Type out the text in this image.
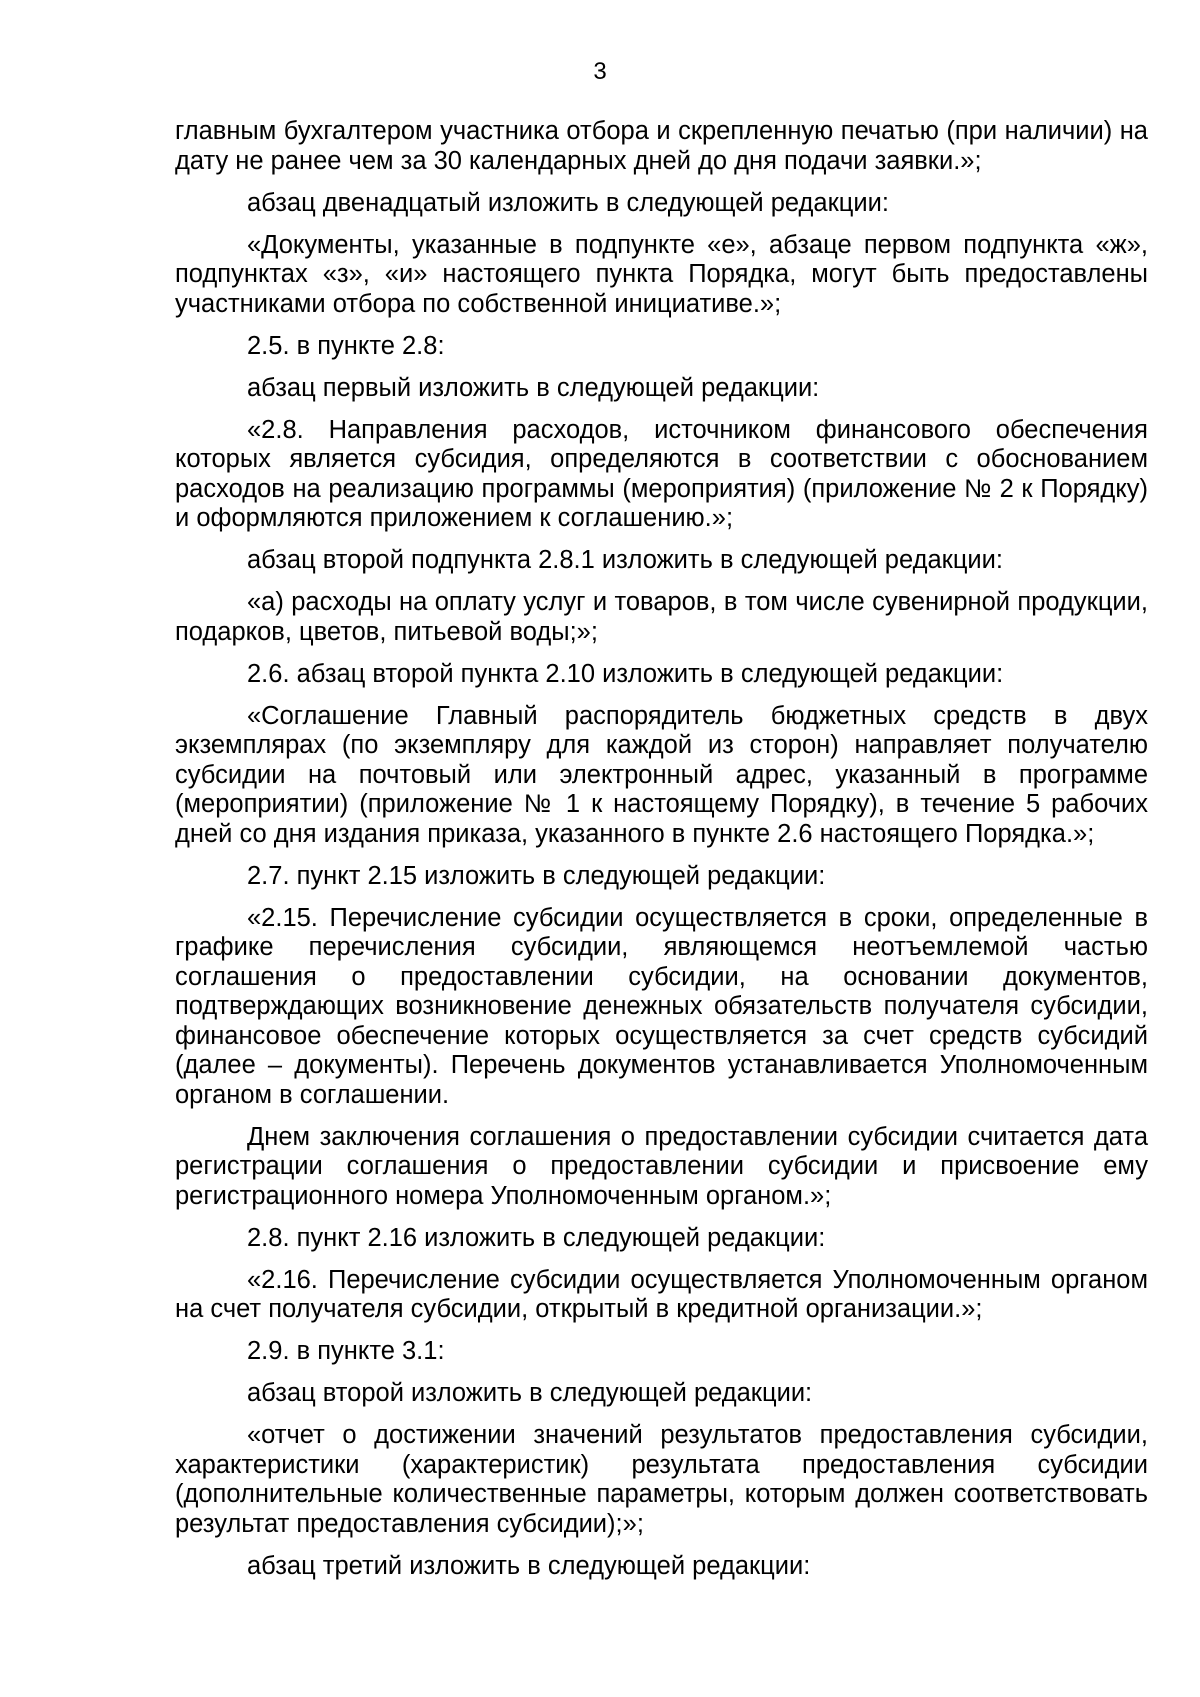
3

главным бухгалтером участника отбора и скрепленную печатью (при наличии) на дату не ранее чем за 30 календарных дней до дня подачи заявки.»;

абзац двенадцатый изложить в следующей редакции:

«Документы, указанные в подпункте «е», абзаце первом подпункта «ж», подпунктах «з», «и» настоящего пункта Порядка, могут быть предоставлены участниками отбора по собственной инициативе.»;

2.5. в пункте 2.8:

абзац первый изложить в следующей редакции:

«2.8. Направления расходов, источником финансового обеспечения которых является субсидия, определяются в соответствии с обоснованием расходов на реализацию программы (мероприятия) (приложение № 2 к Порядку) и оформляются приложением к соглашению.»;

абзац второй подпункта 2.8.1 изложить в следующей редакции:

«а) расходы на оплату услуг и товаров, в том числе сувенирной продукции, подарков, цветов, питьевой воды;»;

2.6. абзац второй пункта 2.10 изложить в следующей редакции:

«Соглашение Главный распорядитель бюджетных средств в двух экземплярах (по экземпляру для каждой из сторон) направляет получателю субсидии на почтовый или электронный адрес, указанный в программе (мероприятии) (приложение № 1 к настоящему Порядку), в течение 5 рабочих дней со дня издания приказа, указанного в пункте 2.6 настоящего Порядка.»;

2.7. пункт 2.15 изложить в следующей редакции:

«2.15. Перечисление субсидии осуществляется в сроки, определенные в графике перечисления субсидии, являющемся неотъемлемой частью соглашения о предоставлении субсидии, на основании документов, подтверждающих возникновение денежных обязательств получателя субсидии, финансовое обеспечение которых осуществляется за счет средств субсидий (далее – документы). Перечень документов устанавливается Уполномоченным органом в соглашении.

Днем заключения соглашения о предоставлении субсидии считается дата регистрации соглашения о предоставлении субсидии и присвоение ему регистрационного номера Уполномоченным органом.»;

2.8. пункт 2.16 изложить в следующей редакции:

«2.16. Перечисление субсидии осуществляется Уполномоченным органом на счет получателя субсидии, открытый в кредитной организации.»;

2.9. в пункте 3.1:

абзац второй изложить в следующей редакции:

«отчет о достижении значений результатов предоставления субсидии, характеристики (характеристик) результата предоставления субсидии (дополнительные количественные параметры, которым должен соответствовать результат предоставления субсидии);»;

абзац третий изложить в следующей редакции:
